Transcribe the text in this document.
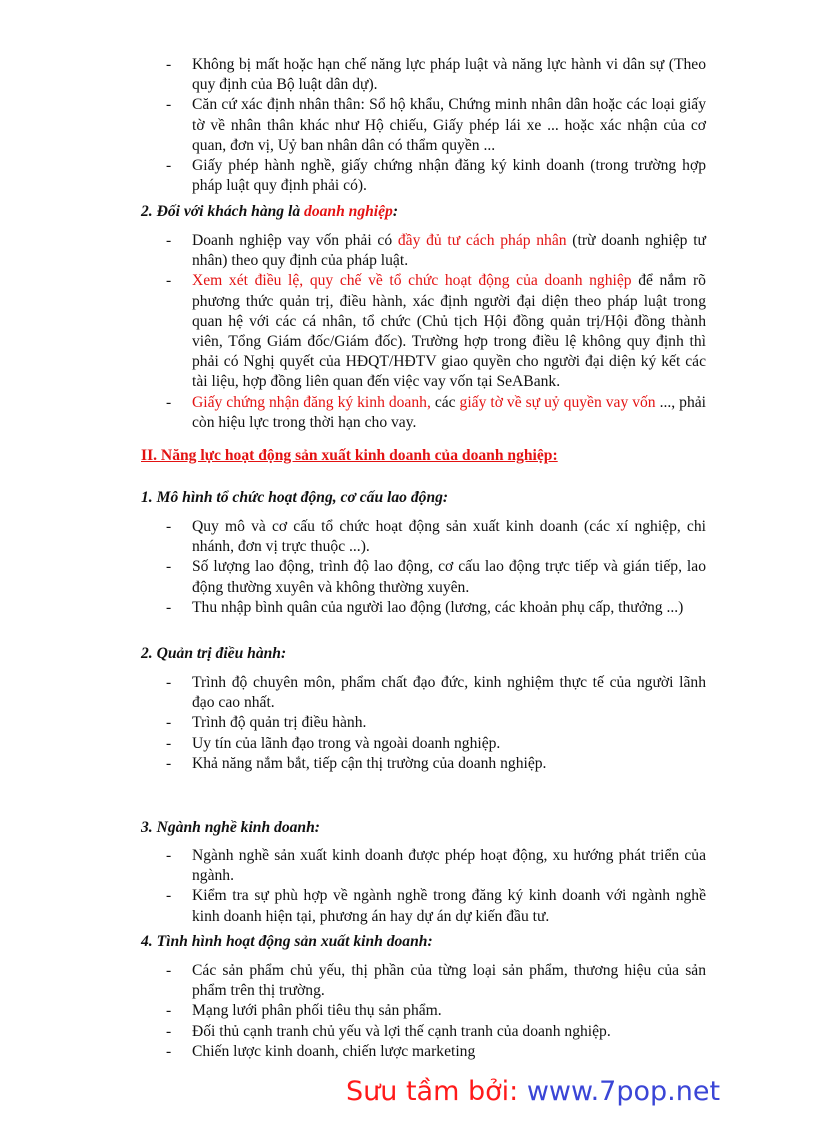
- Không bị mất hoặc hạn chế năng lực pháp luật và năng lực hành vi dân sự (Theo quy định của Bộ luật dân dự).
- Căn cứ xác định nhân thân: Sổ hộ khẩu, Chứng minh nhân dân hoặc các loại giấy tờ về nhân thân khác như Hộ chiếu, Giấy phép lái xe ... hoặc xác nhận của cơ quan, đơn vị, Uỷ ban nhân dân có thẩm quyền ...
- Giấy phép hành nghề, giấy chứng nhận đăng ký kinh doanh (trong trường hợp pháp luật quy định phải có).
2. Đối với khách hàng là doanh nghiệp:
- Doanh nghiệp vay vốn phải có đầy đủ tư cách pháp nhân (trừ doanh nghiệp tư nhân) theo quy định của pháp luật.
- Xem xét điều lệ, quy chế về tổ chức hoạt động của doanh nghiệp để nắm rõ phương thức quản trị, điều hành, xác định người đại diện theo pháp luật trong quan hệ với các cá nhân, tổ chức (Chủ tịch Hội đồng quản trị/Hội đồng thành viên, Tổng Giám đốc/Giám đốc). Trường hợp trong điều lệ không quy định thì phải có Nghị quyết của HĐQT/HĐTV giao quyền cho người đại diện ký kết các tài liệu, hợp đồng liên quan đến việc vay vốn tại SeABank.
- Giấy chứng nhận đăng ký kinh doanh, các giấy tờ về sự uỷ quyền vay vốn ..., phải còn hiệu lực trong thời hạn cho vay.
II. Năng lực hoạt động sản xuất kinh doanh của doanh nghiệp:
1. Mô hình tổ chức hoạt động, cơ cấu lao động:
- Quy mô và cơ cấu tổ chức hoạt động sản xuất kinh doanh (các xí nghiệp, chi nhánh, đơn vị trực thuộc ...).
- Số lượng lao động, trình độ lao động, cơ cấu lao động trực tiếp và gián tiếp, lao động thường xuyên và không thường xuyên.
- Thu nhập bình quân của người lao động (lương, các khoản phụ cấp, thưởng ...)
2. Quản trị điều hành:
- Trình độ chuyên môn, phẩm chất đạo đức, kinh nghiệm thực tế của người lãnh đạo cao nhất.
- Trình độ quản trị điều hành.
- Uy tín của lãnh đạo trong và ngoài doanh nghiệp.
- Khả năng nắm bắt, tiếp cận thị trường của doanh nghiệp.
3. Ngành nghề kinh doanh:
- Ngành nghề sản xuất kinh doanh được phép hoạt động, xu hướng phát triển của ngành.
- Kiểm tra sự phù hợp về ngành nghề trong đăng ký kinh doanh với ngành nghề kinh doanh hiện tại, phương án hay dự án dự kiến đầu tư.
4. Tình hình hoạt động sản xuất kinh doanh:
- Các sản phẩm chủ yếu, thị phần của từng loại sản phẩm, thương hiệu của sản phẩm trên thị trường.
- Mạng lưới phân phối tiêu thụ sản phẩm.
- Đối thủ cạnh tranh chủ yếu và lợi thế cạnh tranh của doanh nghiệp.
- Chiến lược kinh doanh, chiến lược marketing
Sưu tầm bởi: www.7pop.net
